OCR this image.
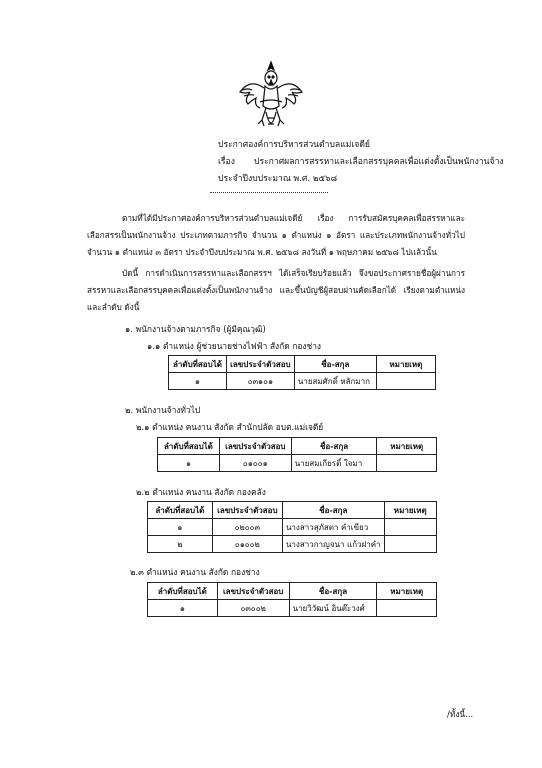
ประกาศองค์การบริหารส่วนตำบลแม่เจดีย์
เรื่อง ประกาศผลการสรรหาและเลือกสรรบุคคลเพื่อแต่งตั้งเป็นพนักงานจ้าง
ประจำปีงบประมาณ พ.ศ. ๒๕๖๘
ตามที่ได้มีประกาศองค์การบริหารส่วนตำบลแม่เจดีย์ เรื่อง การรับสมัครบุคคลเพื่อสรรหาและเลือกสรรเป็นพนักงานจ้าง ประเภทตามภารกิจ จำนวน ๑ ตำแหน่ง ๑ อัตรา และประเภทพนักงานจ้างทั่วไป จำนวน ๑ ตำแหน่ง ๓ อัตรา ประจำปีงบประมาณ พ.ศ. ๒๕๖๘ ลงวันที่ ๑ พฤษภาคม ๒๕๖๘ ไปแล้วนั้น
บัดนี้ การดำเนินการสรรหาและเลือกสรรฯ ได้เสร็จเรียบร้อยแล้ว จึงขอประกาศรายชื่อผู้ผ่านการสรรหาและเลือกสรรบุคคลเพื่อแต่งตั้งเป็นพนักงานจ้าง และขึ้นบัญชีผู้สอบผ่านคัดเลือกได้ เรียงตามตำแหน่งและลำดับ ดังนี้
๑. พนักงานจ้างตามภารกิจ (ผู้มีคุณวุฒิ)
๑.๑ ตำแหน่ง ผู้ช่วยนายช่างไฟฟ้า สังกัด กองช่าง
ลำดับที่สอบได้	เลขประจำตัวสอบ	ชื่อ-สกุล	หมายเหตุ
๑	๐๓๑๐๑	นายสมศักดิ์ หลักมาก	
๒. พนักงานจ้างทั่วไป
๒.๑ ตำแหน่ง คนงาน สังกัด สำนักปลัด อบต.แม่เจดีย์
ลำดับที่สอบได้	เลขประจำตัวสอบ	ชื่อ-สกุล	หมายเหตุ
๑	๐๑๐๐๑	นายสมเกียรติ์ ใจมา	
๒.๒ ตำแหน่ง คนงาน สังกัด กองคลัง
ลำดับที่สอบได้	เลขประจำตัวสอบ	ชื่อ-สกุล	หมายเหตุ
๑	๐๒๐๐๓	นางสาวสุภัสตา คำเขียว	
๒	๐๑๐๐๒	นางสาวกาญจนา แก้วฝาคำ	
๒.๓ ตำแหน่ง คนงาน สังกัด กองช่าง
ลำดับที่สอบได้	เลขประจำตัวสอบ	ชื่อ-สกุล	หมายเหตุ
๑	๐๓๐๐๒	นายวิวัฒน์ อินต๊ะวงศ์	
/ทั้งนี้...
